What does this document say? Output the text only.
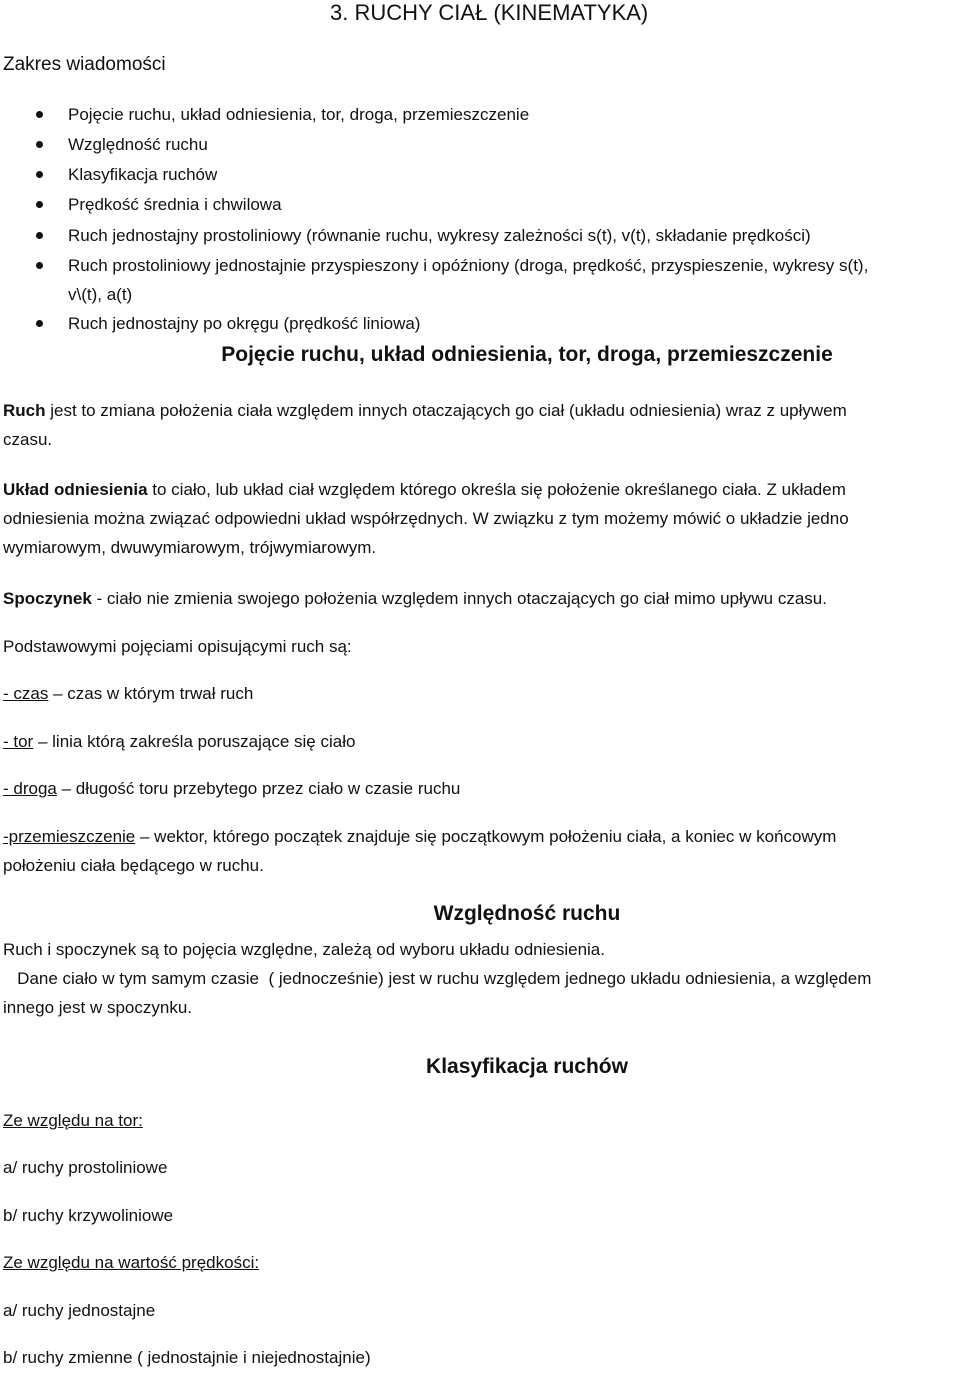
3. RUCHY CIAŁ (KINEMATYKA)
Zakres wiadomości
Pojęcie ruchu, układ odniesienia, tor, droga, przemieszczenie
Względność ruchu
Klasyfikacja ruchów
Prędkość średnia i chwilowa
Ruch jednostajny prostoliniowy (równanie ruchu, wykresy zależności s(t), v(t), składanie prędkości)
Ruch prostoliniowy jednostajnie przyspieszony i opóźniony (droga, prędkość, przyspieszenie, wykresy s(t),
v\(t), a(t)
Ruch jednostajny po okręgu (prędkość liniowa)
Pojęcie ruchu, układ odniesienia, tor, droga, przemieszczenie
Ruch jest to zmiana położenia ciała względem innych otaczających go ciał (układu odniesienia) wraz z upływem
czasu.
Układ odniesienia to ciało, lub układ ciał względem którego określa się położenie określanego ciała. Z układem
odniesienia można związać odpowiedni układ współrzędnych. W związku z tym możemy mówić o układzie jedno
wymiarowym, dwuwymiarowym, trójwymiarowym.
Spoczynek - ciało nie zmienia swojego położenia względem innych otaczających go ciał mimo upływu czasu.
Podstawowymi pojęciami opisującymi ruch są:
- czas – czas w którym trwał ruch
- tor – linia którą zakreśla poruszające się ciało
- droga – długość toru przebytego przez ciało w czasie ruchu
-przemieszczenie – wektor, którego początek znajduje się początkowym położeniu ciała, a koniec w końcowym
położeniu ciała będącego w ruchu.
Względność ruchu
Ruch i spoczynek są to pojęcia względne, zależą od wyboru układu odniesienia.
Dane ciało w tym samym czasie  ( jednocześnie) jest w ruchu względem jednego układu odniesienia, a względem
innego jest w spoczynku.
Klasyfikacja ruchów
Ze względu na tor:
a/ ruchy prostoliniowe
b/ ruchy krzywoliniowe
Ze względu na wartość prędkości:
a/ ruchy jednostajne
b/ ruchy zmienne ( jednostajnie i niejednostajnie)
